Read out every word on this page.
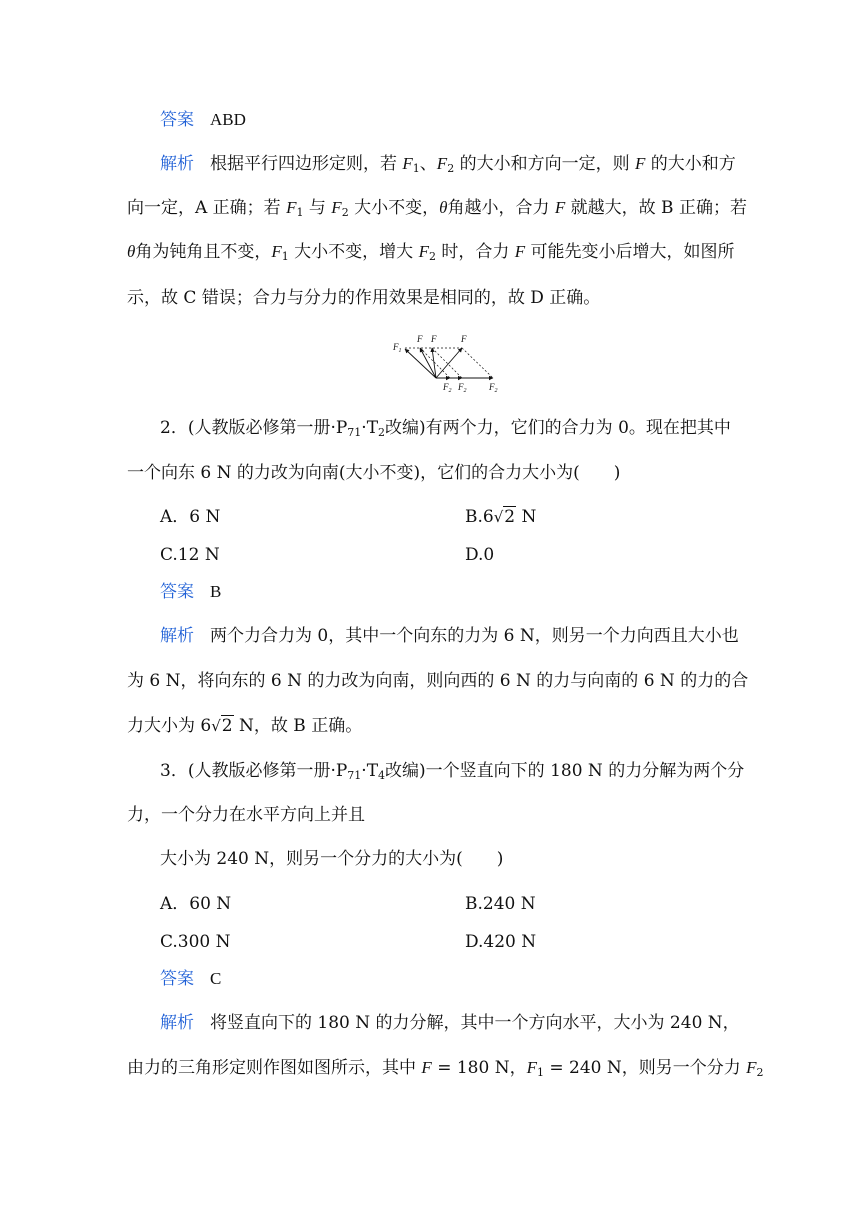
答案 ABD
解析 根据平行四边形定则，若 $F_1$、$F_2$ 的大小和方向一定，则 F 的大小和方
向一定，A 正确；若 $F_1$ 与 $F_2$ 大小不变，θ角越小，合力 F 就越大，故 B 正确；若
θ角为钝角且不变，$F_1$ 大小不变，增大 $F_2$ 时，合力 F 可能先变小后增大，如图所
示，故 C 错误；合力与分力的作用效果是相同的，故 D 正确。
$F_1$
F F	F
$F_2$ $F_2$	$F_2$
2．(人教版必修第一册$\cdot P_{71}\cdot T_2$改编)有两个力，它们的合力为 0。现在把其中
一个向东 6 N 的力改为向南(大小不变)，它们的合力大小为(　　)
A．6 N	B.6√2 N
C.12 N	D.0
答案 B
解析 两个力合力为 0，其中一个向东的力为 6 N，则另一个力向西且大小也
为 6 N，将向东的 6 N 的力改为向南，则向西的 6 N 的力与向南的 6 N 的力的合
力大小为 6√2 N，故 B 正确。
3．(人教版必修第一册$\cdot P_{71}\cdot T_4$改编)一个竖直向下的 180 N 的力分解为两个分
力，一个分力在水平方向上并且
大小为 240 N，则另一个分力的大小为(　　)
A．60 N	B.240 N
C.300 N	D.420 N
答案 C
解析 将竖直向下的 180 N 的力分解，其中一个方向水平，大小为 240 N，
由力的三角形定则作图如图所示，其中 F = 180 N，$F_1 = 240$ N，则另一个分力 $F_2$
